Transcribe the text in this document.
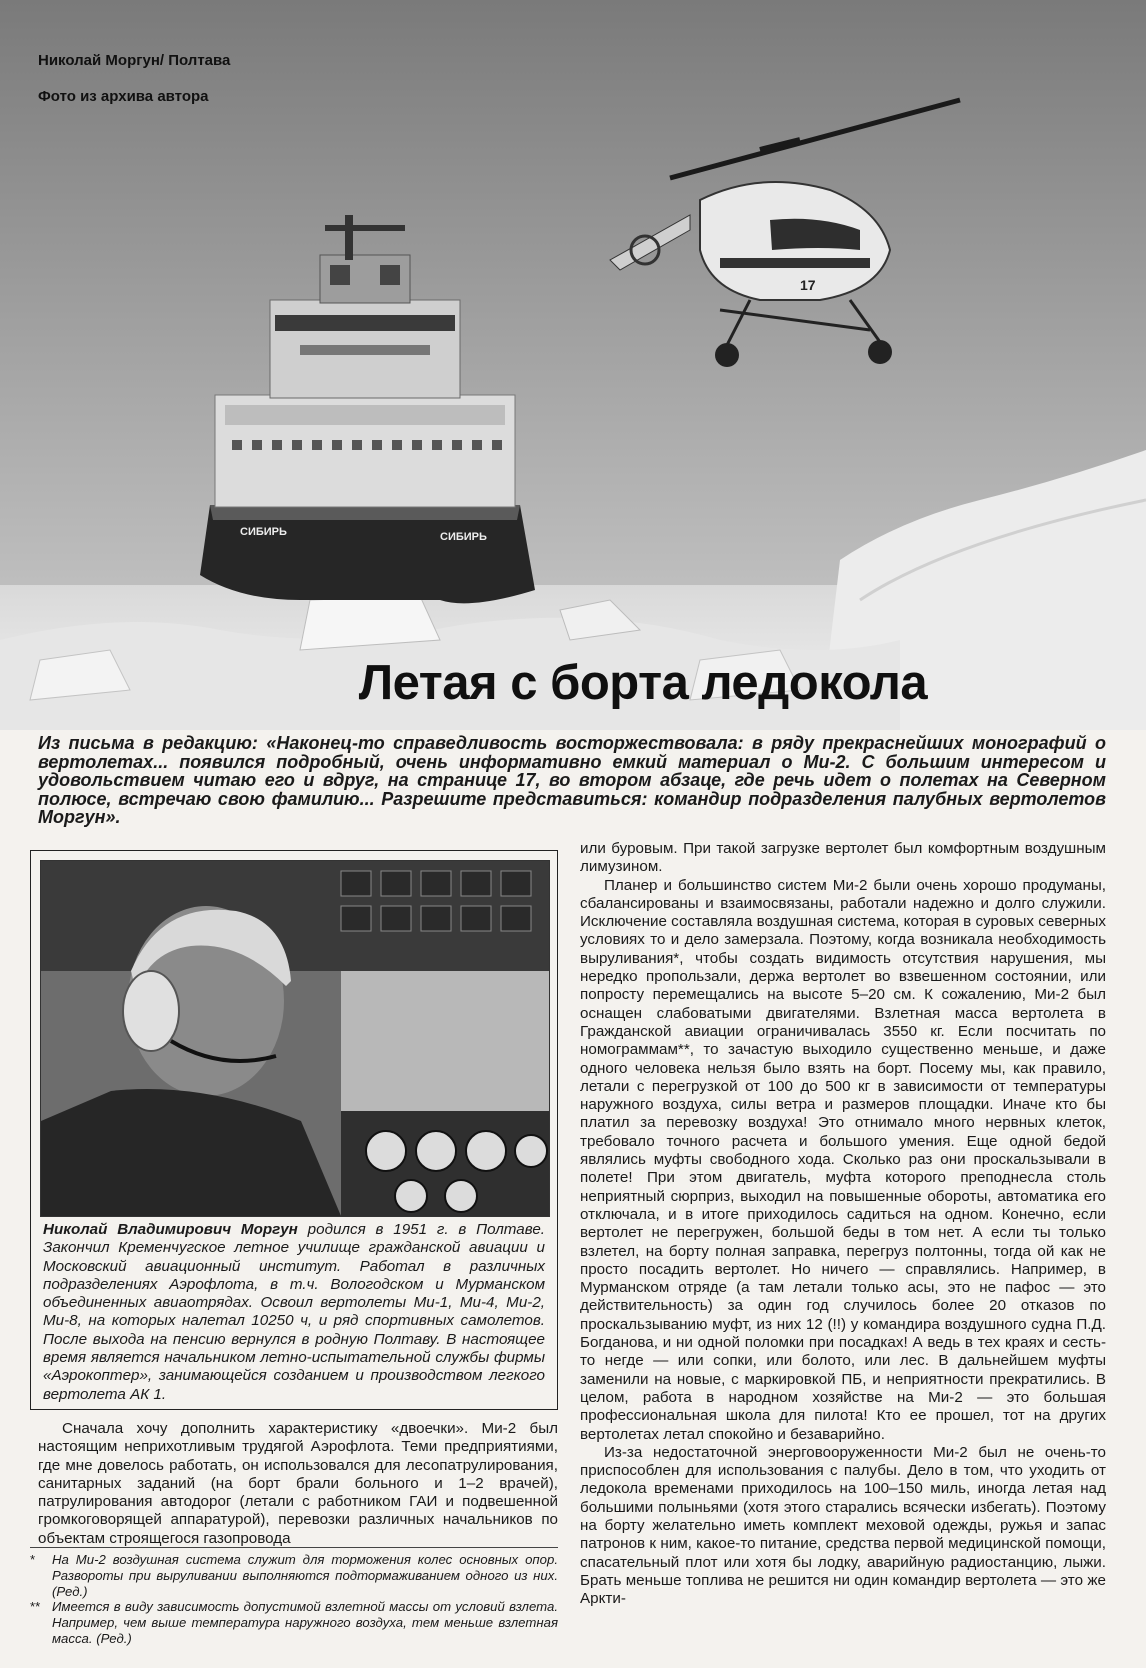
СИБИРЬ	СИБИРЬ
17
Николай Моргун/ Полтава
Фото из архива автора
Летая с борта ледокола
Из письма в редакцию: «Наконец-то справедливость восторжествовала: в ряду прекраснейших монографий о вертолетах... появился подробный, очень информативно емкий материал о Ми-2. С большим интересом и удовольствием читаю его и вдруг, на странице 17, во втором абзаце, где речь идет о полетах на Северном полюсе, встречаю свою фамилию... Разрешите представиться: командир подразделения палубных вертолетов Моргун».
Николай Владимирович Моргун родился в 1951 г. в Полтаве. Закончил Кременчугское летное училище гражданской авиации и Московский авиационный институт. Работал в различных подразделениях Аэрофлота, в т.ч. Вологодском и Мурманском объединенных авиаотрядах. Освоил вертолеты Ми-1, Ми-4, Ми-2, Ми-8, на которых налетал 10250 ч, и ряд спортивных самолетов. После выхода на пенсию вернулся в родную Полтаву. В настоящее время является начальником летно-испытательной службы фирмы «Аэрокоптер», занимающейся созданием и производством легкого вертолета АК 1.

Сначала хочу дополнить характеристику «двоечки». Ми-2 был настоящим неприхотливым трудягой Аэрофлота. Теми предприятиями, где мне довелось работать, он использовался для лесопатрулирования, санитарных заданий (на борт брали больного и 1–2 врачей), патрулирования автодорог (летали с работником ГАИ и подвешенной громкоговорящей аппаратурой), перевозки различных начальников по объектам строящегося газопровода

или буровым. При такой загрузке вертолет был комфортным воздушным лимузином.

Планер и большинство систем Ми-2 были очень хорошо продуманы, сбалансированы и взаимосвязаны, работали надежно и долго служили. Исключение составляла воздушная система, которая в суровых северных условиях то и дело замерзала. Поэтому, когда возникала необходимость выруливания*, чтобы создать видимость отсутствия нарушения, мы нередко пропользали, держа вертолет во взвешенном состоянии, или попросту перемещались на высоте 5–20 см. К сожалению, Ми-2 был оснащен слабоватыми двигателями. Взлетная масса вертолета в Гражданской авиации ограничивалась 3550 кг. Если посчитать по номограммам**, то зачастую выходило существенно меньше, и даже одного человека нельзя было взять на борт. Посему мы, как правило, летали с перегрузкой от 100 до 500 кг в зависимости от температуры наружного воздуха, силы ветра и размеров площадки. Иначе кто бы платил за перевозку воздуха! Это отнимало много нервных клеток, требовало точного расчета и большого умения. Еще одной бедой являлись муфты свободного хода. Сколько раз они проскальзывали в полете! При этом двигатель, муфта которого преподнесла столь неприятный сюрприз, выходил на повышенные обороты, автоматика его отключала, и в итоге приходилось садиться на одном. Конечно, если вертолет не перегружен, большой беды в том нет. А если ты только взлетел, на борту полная заправка, перегруз полтонны, тогда ой как не просто посадить вертолет. Но ничего — справлялись. Например, в Мурманском отряде (а там летали только асы, это не пафос — это действительность) за один год случилось более 20 отказов по проскальзыванию муфт, из них 12 (!!) у командира воздушного судна П.Д. Богданова, и ни одной поломки при посадках! А ведь в тех краях и сесть-то негде — или сопки, или болото, или лес. В дальнейшем муфты заменили на новые, с маркировкой ПБ, и неприятности прекратились. В целом, работа в народном хозяйстве на Ми-2 — это большая профессиональная школа для пилота! Кто ее прошел, тот на других вертолетах летал спокойно и безаварийно.

Из-за недостаточной энерговооруженности Ми-2 был не очень-то приспособлен для использования с палубы. Дело в том, что уходить от ледокола временами приходилось на 100–150 миль, иногда летая над большими полыньями (хотя этого старались всячески избегать). Поэтому на борту желательно иметь комплект меховой одежды, ружья и запас патронов к ним, какое-то питание, средства первой медицинской помощи, спасательный плот или хотя бы лодку, аварийную радиостанцию, лыжи. Брать меньше топлива не решится ни один командир вертолета — это же Аркти-

* На Ми-2 воздушная система служит для торможения колес основных опор. Развороты при выруливании выполняются подтормаживанием одного из них. (Ред.)

** Имеется в виду зависимость допустимой взлетной массы от условий взлета. Например, чем выше температура наружного воздуха, тем меньше взлетная масса. (Ред.)
